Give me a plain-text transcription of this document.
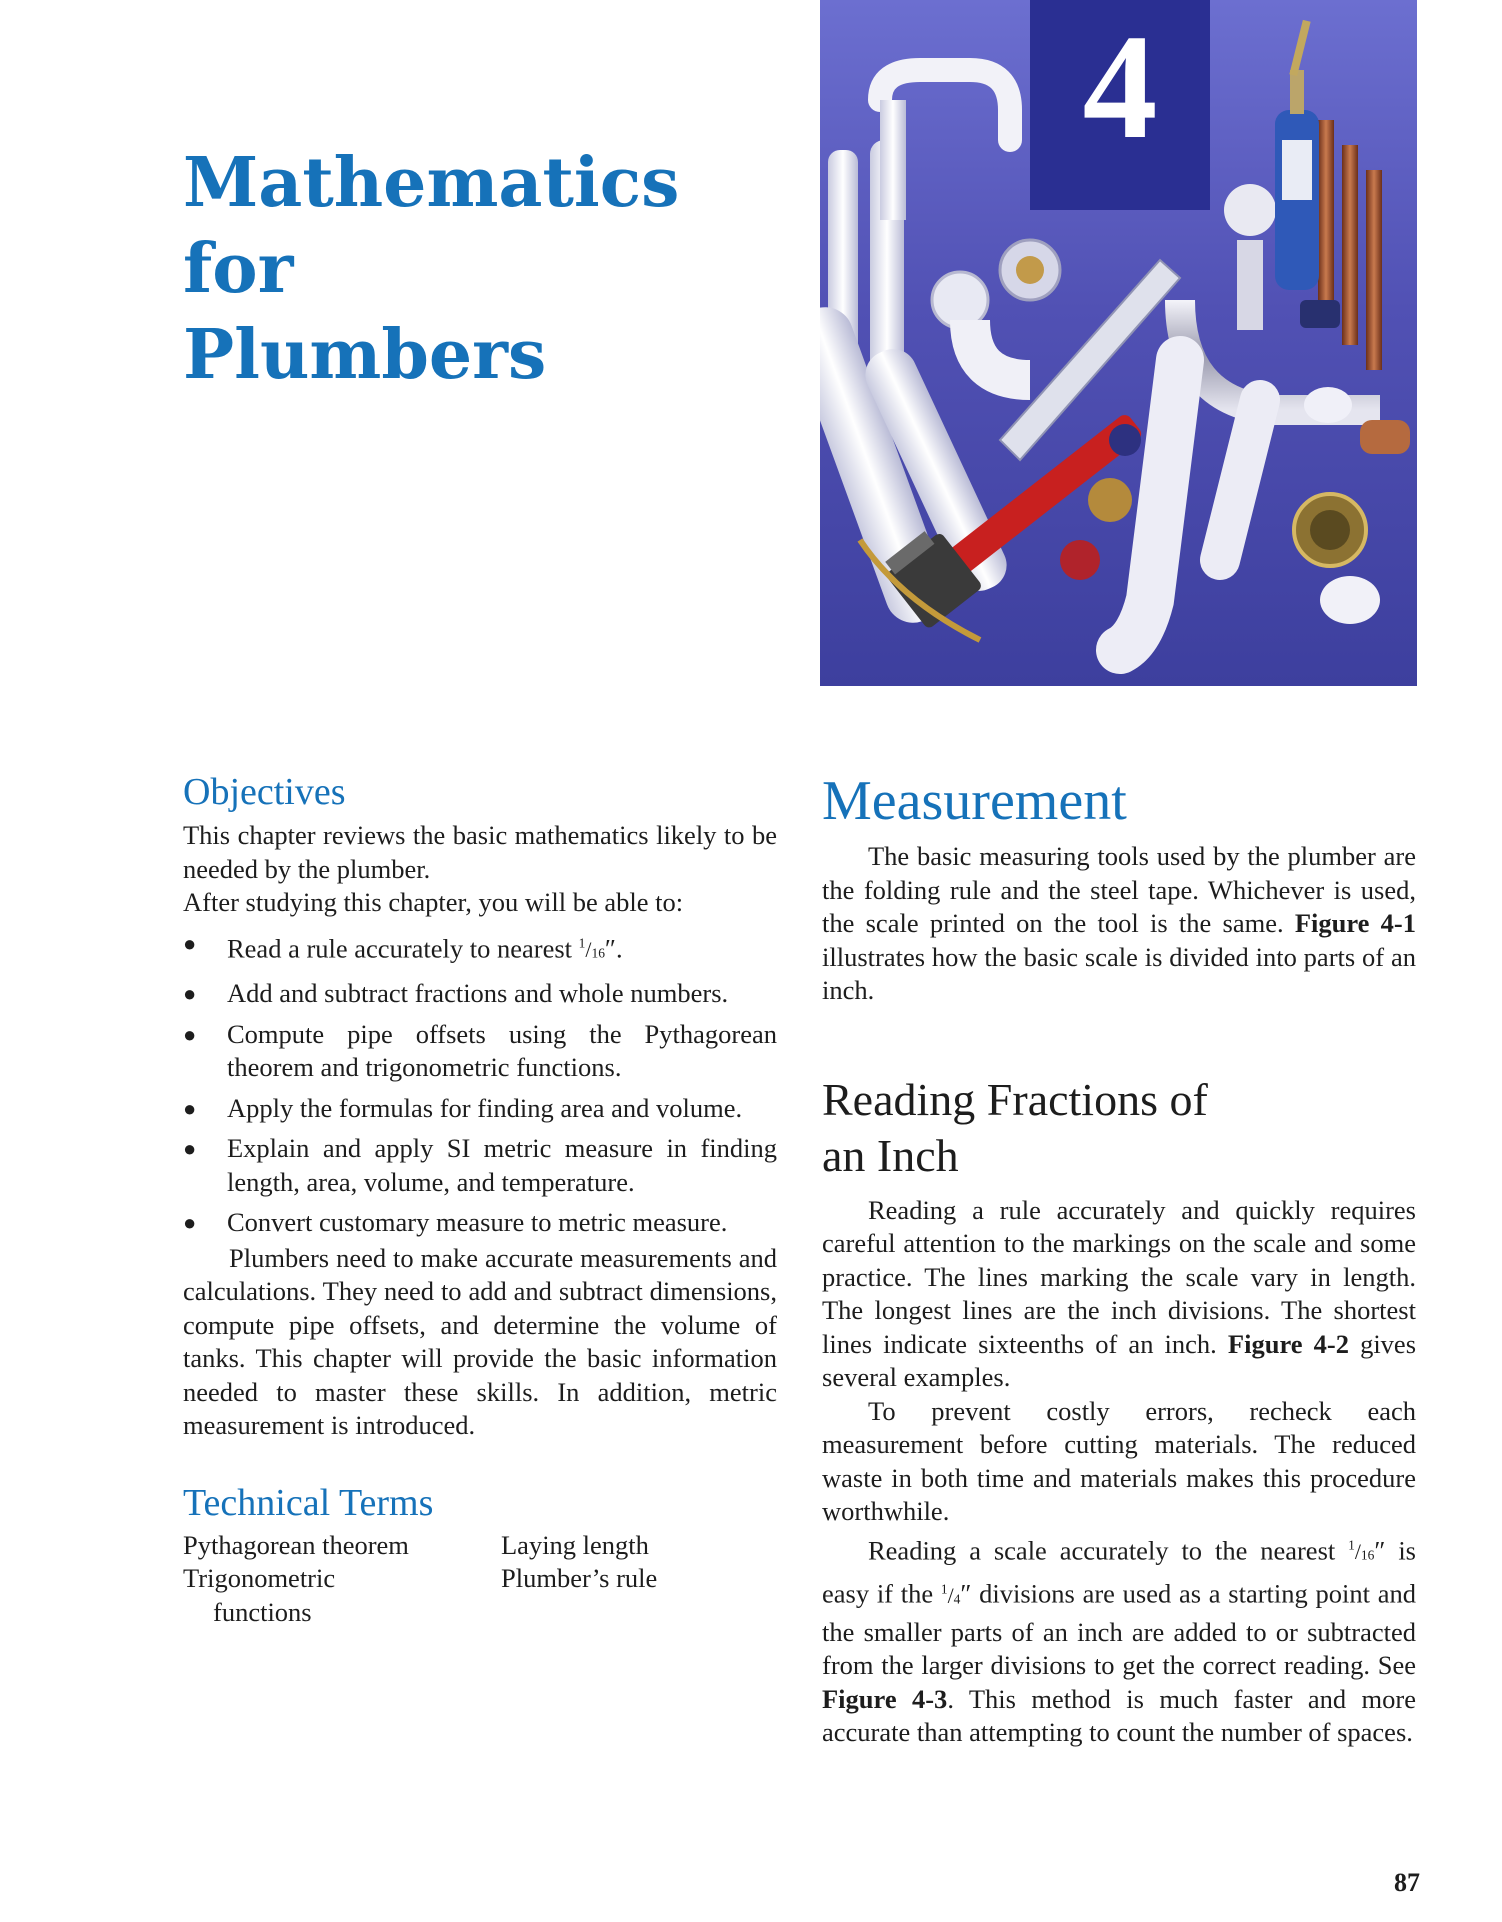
Mathematics for
Plumbers
4
Objectives

This chapter reviews the basic mathematics likely to be needed by the plumber.

After studying this chapter, you will be able to:

● Read a rule accurately to nearest $^1/_{16}''$.
● Add and subtract fractions and whole numbers.
● Compute pipe offsets using the Pythagorean theorem and trigonometric functions.
● Apply the formulas for finding area and volume.
● Explain and apply SI metric measure in finding length, area, volume, and temperature.
● Convert customary measure to metric measure.

Plumbers need to make accurate measurements and calculations. They need to add and subtract dimensions, compute pipe offsets, and determine the volume of tanks. This chapter will provide the basic information needed to master these skills. In addition, metric measurement is introduced.

Technical Terms
Pythagorean theorem
Trigonometric functions
Laying length
Plumber’s rule
Measurement

The basic measuring tools used by the plumber are the folding rule and the steel tape. Whichever is used, the scale printed on the tool is the same. Figure 4-1 illustrates how the basic scale is divided into parts of an inch.

Reading Fractions of
an Inch

Reading a rule accurately and quickly requires careful attention to the markings on the scale and some practice. The lines marking the scale vary in length. The longest lines are the inch divisions. The shortest lines indicate sixteenths of an inch. Figure 4-2 gives several examples.

To prevent costly errors, recheck each measurement before cutting materials. The reduced waste in both time and materials makes this procedure worthwhile.

Reading a scale accurately to the nearest $^1/_{16}''$ is easy if the $^1/_4''$ divisions are used as a starting point and the smaller parts of an inch are added to or subtracted from the larger divisions to get the correct reading. See Figure 4-3. This method is much faster and more accurate than attempting to count the number of spaces.

87
